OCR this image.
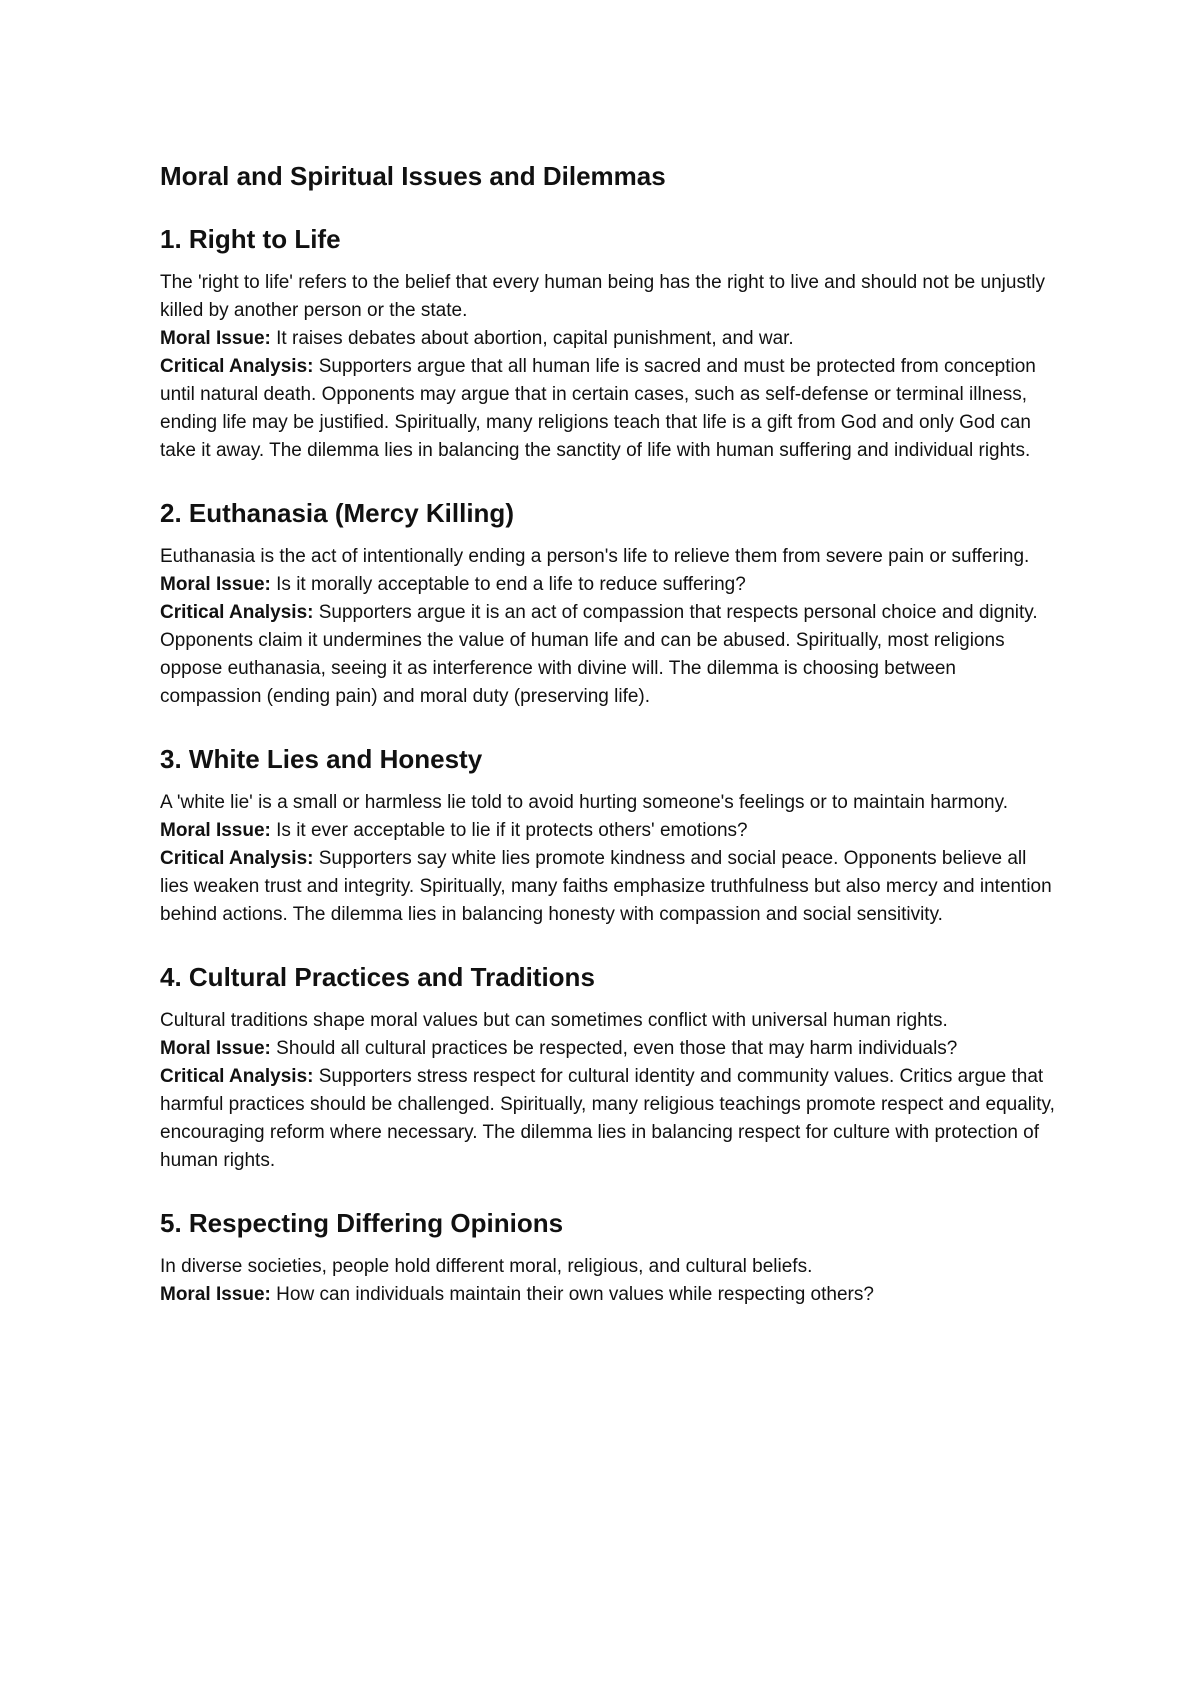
Moral and Spiritual Issues and Dilemmas
1. Right to Life

The 'right to life' refers to the belief that every human being has the right to live and should not be unjustly killed by another person or the state.

Moral Issue: It raises debates about abortion, capital punishment, and war.

Critical Analysis: Supporters argue that all human life is sacred and must be protected from conception until natural death. Opponents may argue that in certain cases, such as self-defense or terminal illness, ending life may be justified. Spiritually, many religions teach that life is a gift from God and only God can take it away. The dilemma lies in balancing the sanctity of life with human suffering and individual rights.

2. Euthanasia (Mercy Killing)

Euthanasia is the act of intentionally ending a person's life to relieve them from severe pain or suffering.

Moral Issue: Is it morally acceptable to end a life to reduce suffering?

Critical Analysis: Supporters argue it is an act of compassion that respects personal choice and dignity. Opponents claim it undermines the value of human life and can be abused. Spiritually, most religions oppose euthanasia, seeing it as interference with divine will. The dilemma is choosing between compassion (ending pain) and moral duty (preserving life).

3. White Lies and Honesty

A 'white lie' is a small or harmless lie told to avoid hurting someone's feelings or to maintain harmony.

Moral Issue: Is it ever acceptable to lie if it protects others' emotions?

Critical Analysis: Supporters say white lies promote kindness and social peace. Opponents believe all lies weaken trust and integrity. Spiritually, many faiths emphasize truthfulness but also mercy and intention behind actions. The dilemma lies in balancing honesty with compassion and social sensitivity.

4. Cultural Practices and Traditions

Cultural traditions shape moral values but can sometimes conflict with universal human rights.

Moral Issue: Should all cultural practices be respected, even those that may harm individuals?

Critical Analysis: Supporters stress respect for cultural identity and community values. Critics argue that harmful practices should be challenged. Spiritually, many religious teachings promote respect and equality, encouraging reform where necessary. The dilemma lies in balancing respect for culture with protection of human rights.

5. Respecting Differing Opinions

In diverse societies, people hold different moral, religious, and cultural beliefs.

Moral Issue: How can individuals maintain their own values while respecting others?
